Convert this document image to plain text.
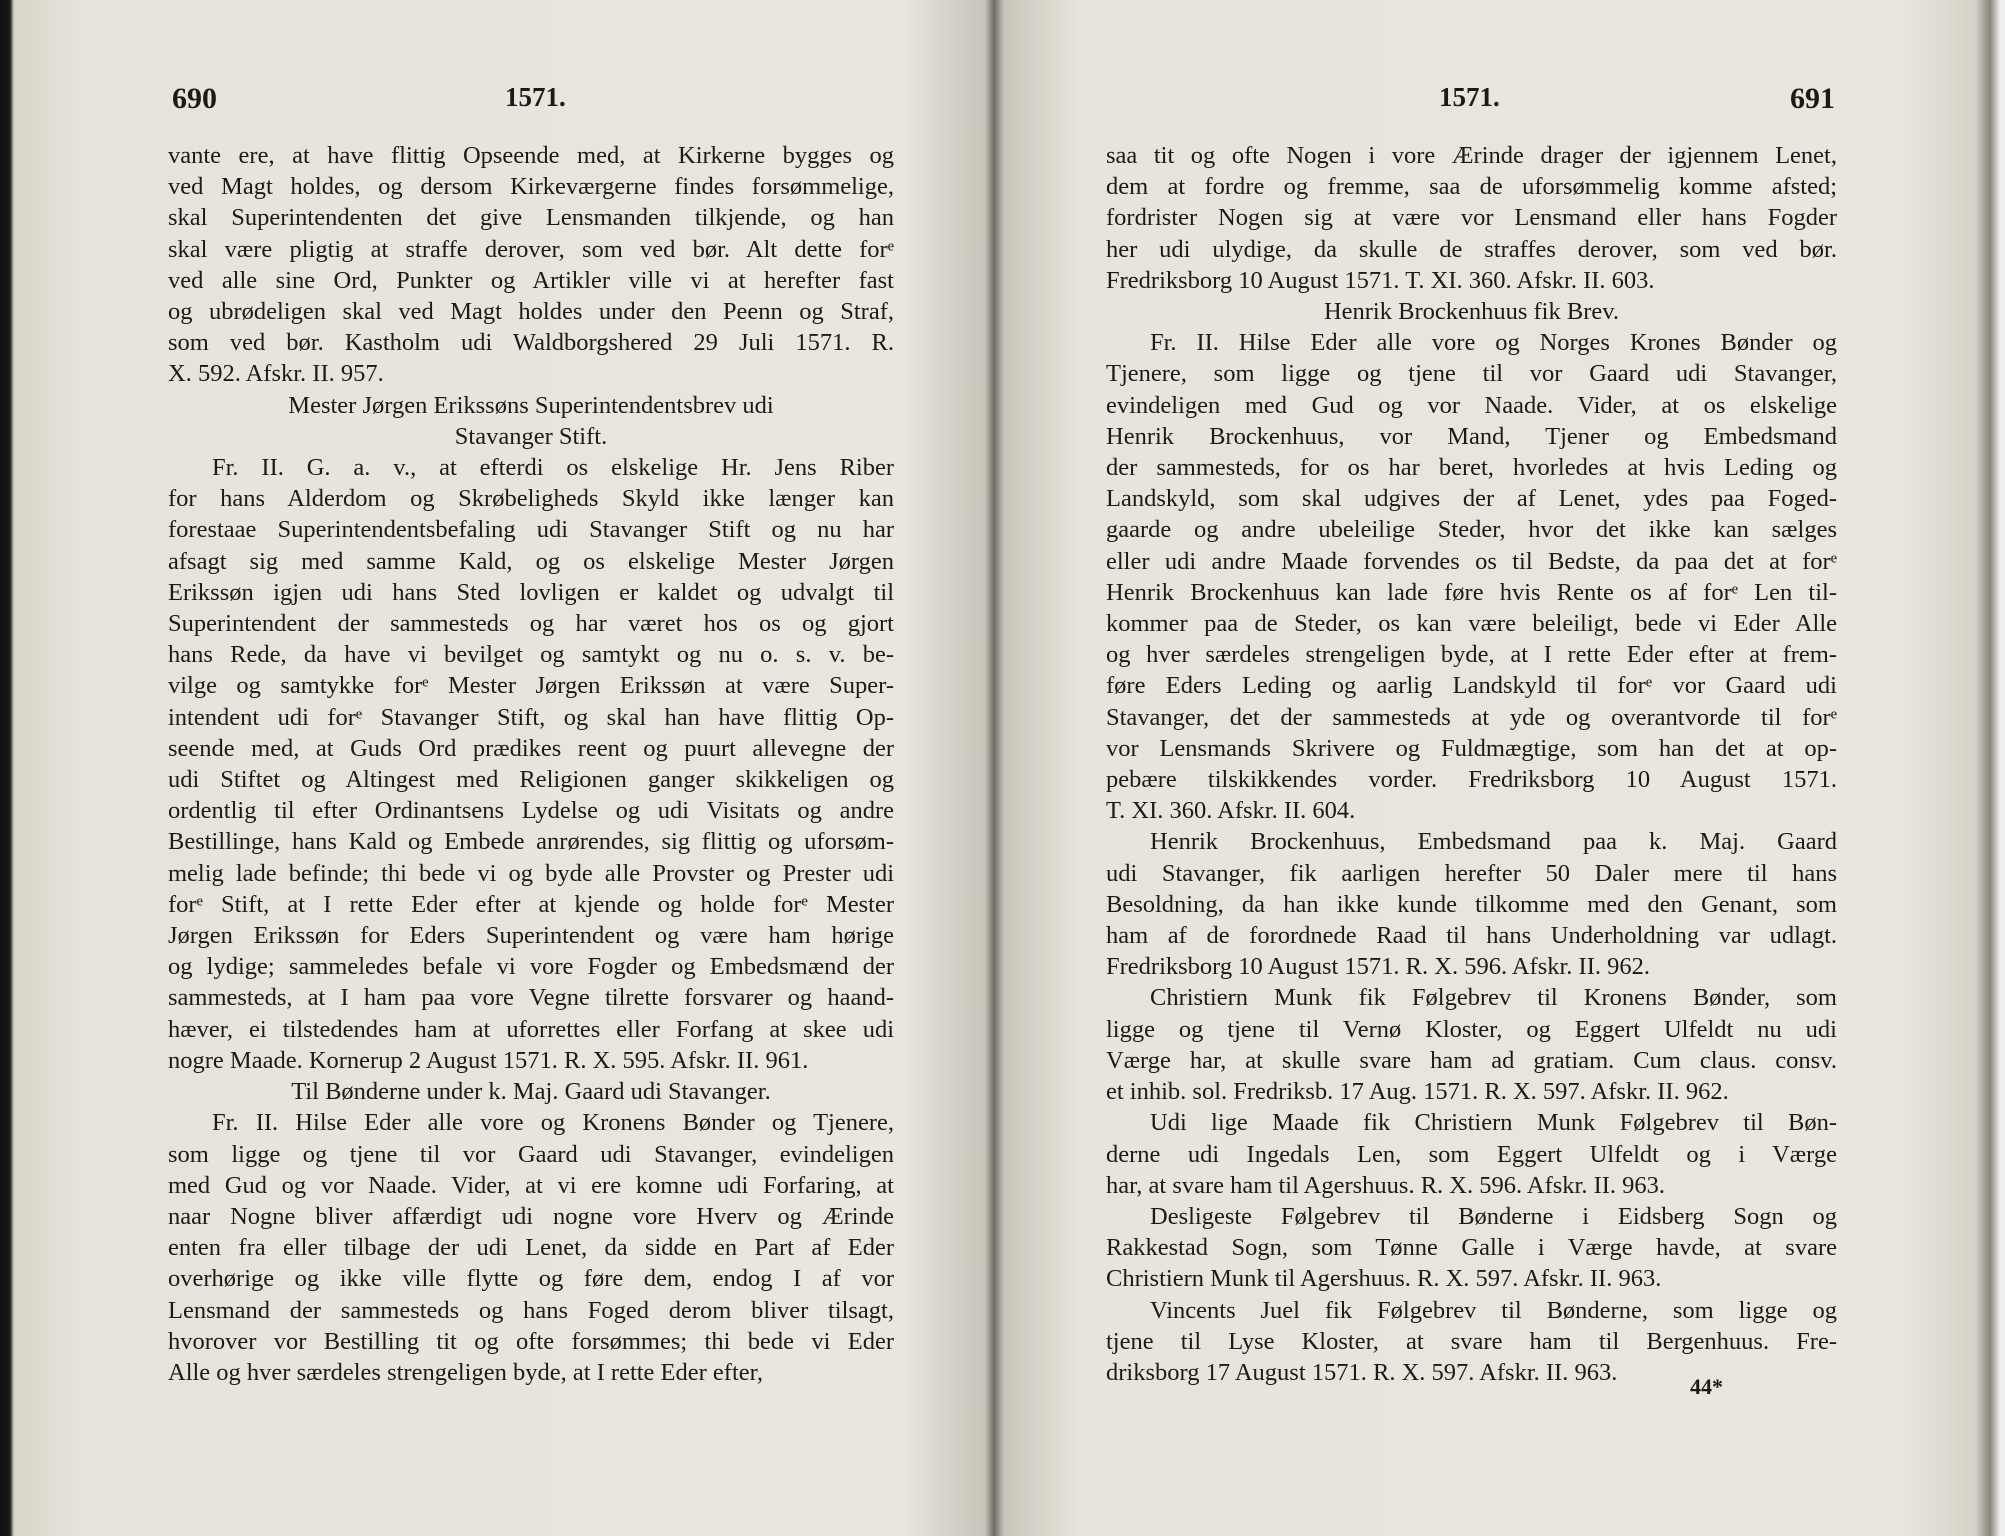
690	1571.
vante ere, at have flittig Opseende med, at Kirkerne bygges og
ved Magt holdes, og dersom Kirkeværgerne findes forsømmelige,
skal Superintendenten det give Lensmanden tilkjende, og han
skal være pligtig at straffe derover, som ved bør. Alt dette forᵉ
ved alle sine Ord, Punkter og Artikler ville vi at herefter fast
og ubrødeligen skal ved Magt holdes under den Peenn og Straf,
som ved bør. Kastholm udi Waldborgshered 29 Juli 1571. R.
X. 592. Afskr. II. 957.
Mester Jørgen Erikssøns Superintendentsbrev udi
Stavanger Stift.
Fr. II. G. a. v., at efterdi os elskelige Hr. Jens Riber
for hans Alderdom og Skrøbeligheds Skyld ikke længer kan
forestaae Superintendentsbefaling udi Stavanger Stift og nu har
afsagt sig med samme Kald, og os elskelige Mester Jørgen
Erikssøn igjen udi hans Sted lovligen er kaldet og udvalgt til
Superintendent der sammesteds og har været hos os og gjort
hans Rede, da have vi bevilget og samtykt og nu o. s. v. be-
vilge og samtykke forᵉ Mester Jørgen Erikssøn at være Super-
intendent udi forᵉ Stavanger Stift, og skal han have flittig Op-
seende med, at Guds Ord prædikes reent og puurt allevegne der
udi Stiftet og Altingest med Religionen ganger skikkeligen og
ordentlig til efter Ordinantsens Lydelse og udi Visitats og andre
Bestillinge, hans Kald og Embede anrørendes, sig flittig og uforsøm-
melig lade befinde; thi bede vi og byde alle Provster og Prester udi
forᵉ Stift, at I rette Eder efter at kjende og holde forᵉ Mester
Jørgen Erikssøn for Eders Superintendent og være ham hørige
og lydige; sammeledes befale vi vore Fogder og Embedsmænd der
sammesteds, at I ham paa vore Vegne tilrette forsvarer og haand-
hæver, ei tilstedendes ham at uforrettes eller Forfang at skee udi
nogre Maade. Kornerup 2 August 1571. R. X. 595. Afskr. II. 961.
Til Bønderne under k. Maj. Gaard udi Stavanger.
Fr. II. Hilse Eder alle vore og Kronens Bønder og Tjenere,
som ligge og tjene til vor Gaard udi Stavanger, evindeligen
med Gud og vor Naade. Vider, at vi ere komne udi Forfaring, at
naar Nogne bliver affærdigt udi nogne vore Hverv og Ærinde
enten fra eller tilbage der udi Lenet, da sidde en Part af Eder
overhørige og ikke ville flytte og føre dem, endog I af vor
Lensmand der sammesteds og hans Foged derom bliver tilsagt,
hvorover vor Bestilling tit og ofte forsømmes; thi bede vi Eder
Alle og hver særdeles strengeligen byde, at I rette Eder efter,
1571.	691
saa tit og ofte Nogen i vore Ærinde drager der igjennem Lenet,
dem at fordre og fremme, saa de uforsømmelig komme afsted;
fordrister Nogen sig at være vor Lensmand eller hans Fogder
her udi ulydige, da skulle de straffes derover, som ved bør.
Fredriksborg 10 August 1571. T. XI. 360. Afskr. II. 603.
Henrik Brockenhuus fik Brev.
Fr. II. Hilse Eder alle vore og Norges Krones Bønder og
Tjenere, som ligge og tjene til vor Gaard udi Stavanger,
evindeligen med Gud og vor Naade. Vider, at os elskelige
Henrik Brockenhuus, vor Mand, Tjener og Embedsmand
der sammesteds, for os har beret, hvorledes at hvis Leding og
Landskyld, som skal udgives der af Lenet, ydes paa Foged-
gaarde og andre ubeleilige Steder, hvor det ikke kan sælges
eller udi andre Maade forvendes os til Bedste, da paa det at forᵉ
Henrik Brockenhuus kan lade føre hvis Rente os af forᵉ Len til-
kommer paa de Steder, os kan være beleiligt, bede vi Eder Alle
og hver særdeles strengeligen byde, at I rette Eder efter at frem-
føre Eders Leding og aarlig Landskyld til forᵉ vor Gaard udi
Stavanger, det der sammesteds at yde og overantvorde til forᵉ
vor Lensmands Skrivere og Fuldmægtige, som han det at op-
pebære tilskikkendes vorder. Fredriksborg 10 August 1571.
T. XI. 360. Afskr. II. 604.
Henrik Brockenhuus, Embedsmand paa k. Maj. Gaard
udi Stavanger, fik aarligen herefter 50 Daler mere til hans
Besoldning, da han ikke kunde tilkomme med den Genant, som
ham af de forordnede Raad til hans Underholdning var udlagt.
Fredriksborg 10 August 1571. R. X. 596. Afskr. II. 962.
Christiern Munk fik Følgebrev til Kronens Bønder, som
ligge og tjene til Vernø Kloster, og Eggert Ulfeldt nu udi
Værge har, at skulle svare ham ad gratiam. Cum claus. consv.
et inhib. sol. Fredriksb. 17 Aug. 1571. R. X. 597. Afskr. II. 962.
Udi lige Maade fik Christiern Munk Følgebrev til Bøn-
derne udi Ingedals Len, som Eggert Ulfeldt og i Værge
har, at svare ham til Agershuus. R. X. 596. Afskr. II. 963.
Desligeste Følgebrev til Bønderne i Eidsberg Sogn og
Rakkestad Sogn, som Tønne Galle i Værge havde, at svare
Christiern Munk til Agershuus. R. X. 597. Afskr. II. 963.
Vincents Juel fik Følgebrev til Bønderne, som ligge og
tjene til Lyse Kloster, at svare ham til Bergenhuus. Fre-
driksborg 17 August 1571. R. X. 597. Afskr. II. 963.
44*
